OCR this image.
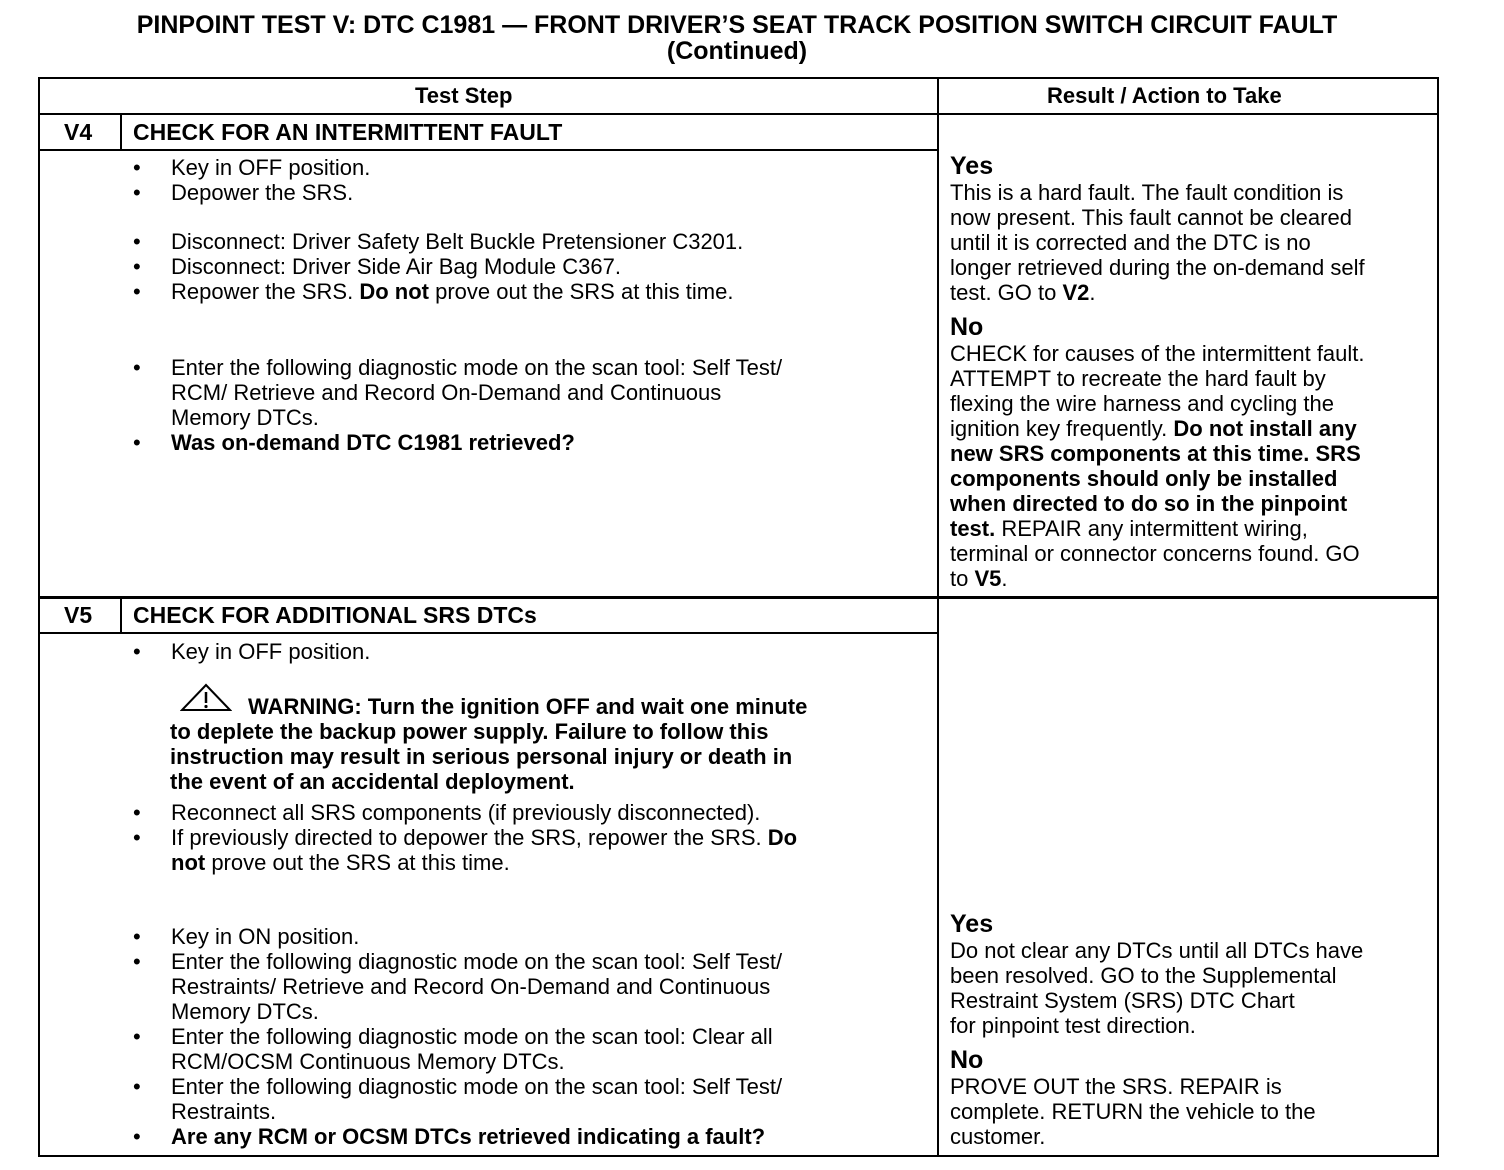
PINPOINT TEST V: DTC C1981 — FRONT DRIVER’S SEAT TRACK POSITION SWITCH CIRCUIT FAULT
(Continued)
Test Step	Result / Action to Take
V4 CHECK FOR AN INTERMITTENT FAULT
•	Key in OFF position.
•	Depower the SRS.
•	Disconnect: Driver Safety Belt Buckle Pretensioner C3201.
•	Disconnect: Driver Side Air Bag Module C367.
•	Repower the SRS. Do not prove out the SRS at this time.
•	Enter the following diagnostic mode on the scan tool: Self Test/
RCM/ Retrieve and Record On-Demand and Continuous
Memory DTCs.
•	Was on-demand DTC C1981 retrieved?
Yes
This is a hard fault. The fault condition is
now present. This fault cannot be cleared
until it is corrected and the DTC is no
longer retrieved during the on-demand self
test. GO to V2.
No
CHECK for causes of the intermittent fault.
ATTEMPT to recreate the hard fault by
flexing the wire harness and cycling the
ignition key frequently. Do not install any
new SRS components at this time. SRS
components should only be installed
when directed to do so in the pinpoint
test. REPAIR any intermittent wiring,
terminal or connector concerns found. GO
to V5.
V5 CHECK FOR ADDITIONAL SRS DTCs
•	Key in OFF position.
WARNING: Turn the ignition OFF and wait one minute
to deplete the backup power supply. Failure to follow this
instruction may result in serious personal injury or death in
the event of an accidental deployment.
•	Reconnect all SRS components (if previously disconnected).
•	If previously directed to depower the SRS, repower the SRS. Do
not prove out the SRS at this time.
•	Key in ON position.
•	Enter the following diagnostic mode on the scan tool: Self Test/
Restraints/ Retrieve and Record On-Demand and Continuous
Memory DTCs.
•	Enter the following diagnostic mode on the scan tool: Clear all
RCM/OCSM Continuous Memory DTCs.
•	Enter the following diagnostic mode on the scan tool: Self Test/
Restraints.
•	Are any RCM or OCSM DTCs retrieved indicating a fault?
Yes
Do not clear any DTCs until all DTCs have
been resolved. GO to the Supplemental
Restraint System (SRS) DTC Chart
for pinpoint test direction.
No
PROVE OUT the SRS. REPAIR is
complete. RETURN the vehicle to the
customer.
